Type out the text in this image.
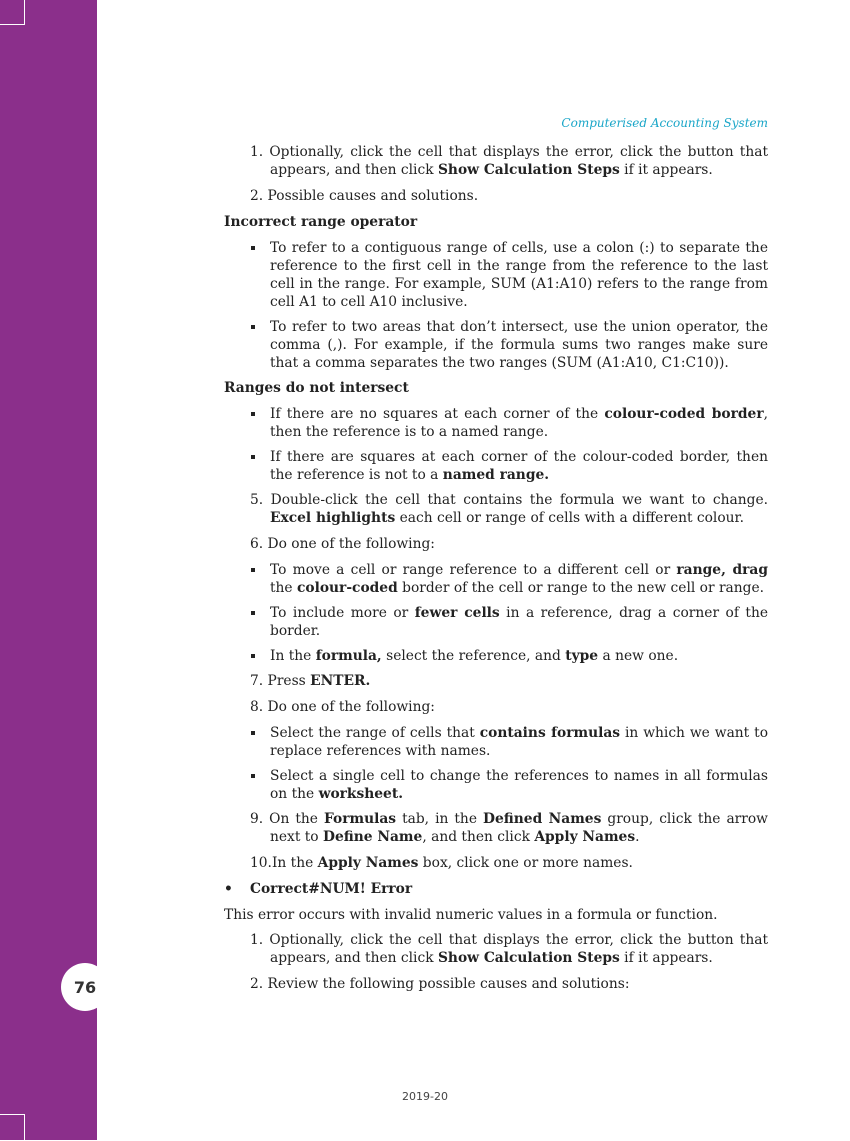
76
Computerised Accounting System
1. Optionally, click the cell that displays the error, click the button that appears, and then click Show Calculation Steps if it appears.
2. Possible causes and solutions.
Incorrect range operator
To refer to a contiguous range of cells, use a colon (:) to separate the reference to the first cell in the range from the reference to the last cell in the range. For example, SUM (A1:A10) refers to the range from cell A1 to cell A10 inclusive.
To refer to two areas that don’t intersect, use the union operator, the comma (,). For example, if the formula sums two ranges make sure that a comma separates the two ranges (SUM (A1:A10, C1:C10)).
Ranges do not intersect
If there are no squares at each corner of the colour-coded border, then the reference is to a named range.
If there are squares at each corner of the colour-coded border, then the reference is not to a named range.
5. Double-click the cell that contains the formula we want to change. Excel highlights each cell or range of cells with a different colour.
6. Do one of the following:
To move a cell or range reference to a different cell or range, drag the colour-coded border of the cell or range to the new cell or range.
To include more or fewer cells in a reference, drag a corner of the border.
In the formula, select the reference, and type a new one.
7. Press ENTER.
8. Do one of the following:
Select the range of cells that contains formulas in which we want to replace references with names.
Select a single cell to change the references to names in all formulas on the worksheet.
9. On the Formulas tab, in the Defined Names group, click the arrow next to Define Name, and then click Apply Names.
10.In the Apply Names box, click one or more names.
• Correct#NUM! Error
This error occurs with invalid numeric values in a formula or function.
1. Optionally, click the cell that displays the error, click the button that appears, and then click Show Calculation Steps if it appears.
2. Review the following possible causes and solutions:
2019-20
